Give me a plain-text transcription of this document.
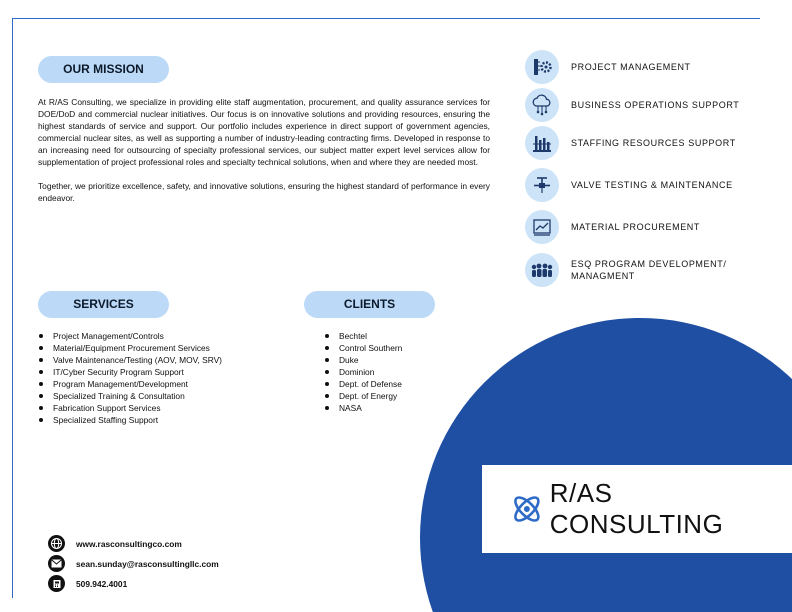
OUR MISSION

At R/AS Consulting, we specialize in providing elite staff augmentation, procurement, and quality assurance services for DOE/DoD and commercial nuclear initiatives. Our focus is on innovative solutions and providing resources, ensuring the highest standards of service and support. Our portfolio includes experience in direct support of government agencies, commercial nuclear sites, as well as supporting a number of industry-leading contracting firms. Developed in response to an increasing need for outsourcing of specialty professional services, our subject matter expert level services allow for supplementation of project professional roles and specialty technical solutions, when and where they are needed most.

Together, we prioritize excellence, safety, and innovative solutions, ensuring the highest standard of performance in every endeavor.

SERVICES
Project Management/Controls
Material/Equipment Procurement Services
Valve Maintenance/Testing (AOV, MOV, SRV)
IT/Cyber Security Program Support
Program Management/Development
Specialized Training & Consultation
Fabrication Support Services
Specialized Staffing Support
CLIENTS
Bechtel
Control Southern
Duke
Dominion
Dept. of Defense
Dept. of Energy
NASA
PROJECT MANAGEMENT
BUSINESS OPERATIONS SUPPORT
STAFFING RESOURCES SUPPORT
VALVE TESTING & MAINTENANCE
MATERIAL PROCUREMENT
ESQ PROGRAM DEVELOPMENT/ MANAGMENT
R/AS CONSULTING
www.rasconsultingco.com
sean.sunday@rasconsultingllc.com
509.942.4001
